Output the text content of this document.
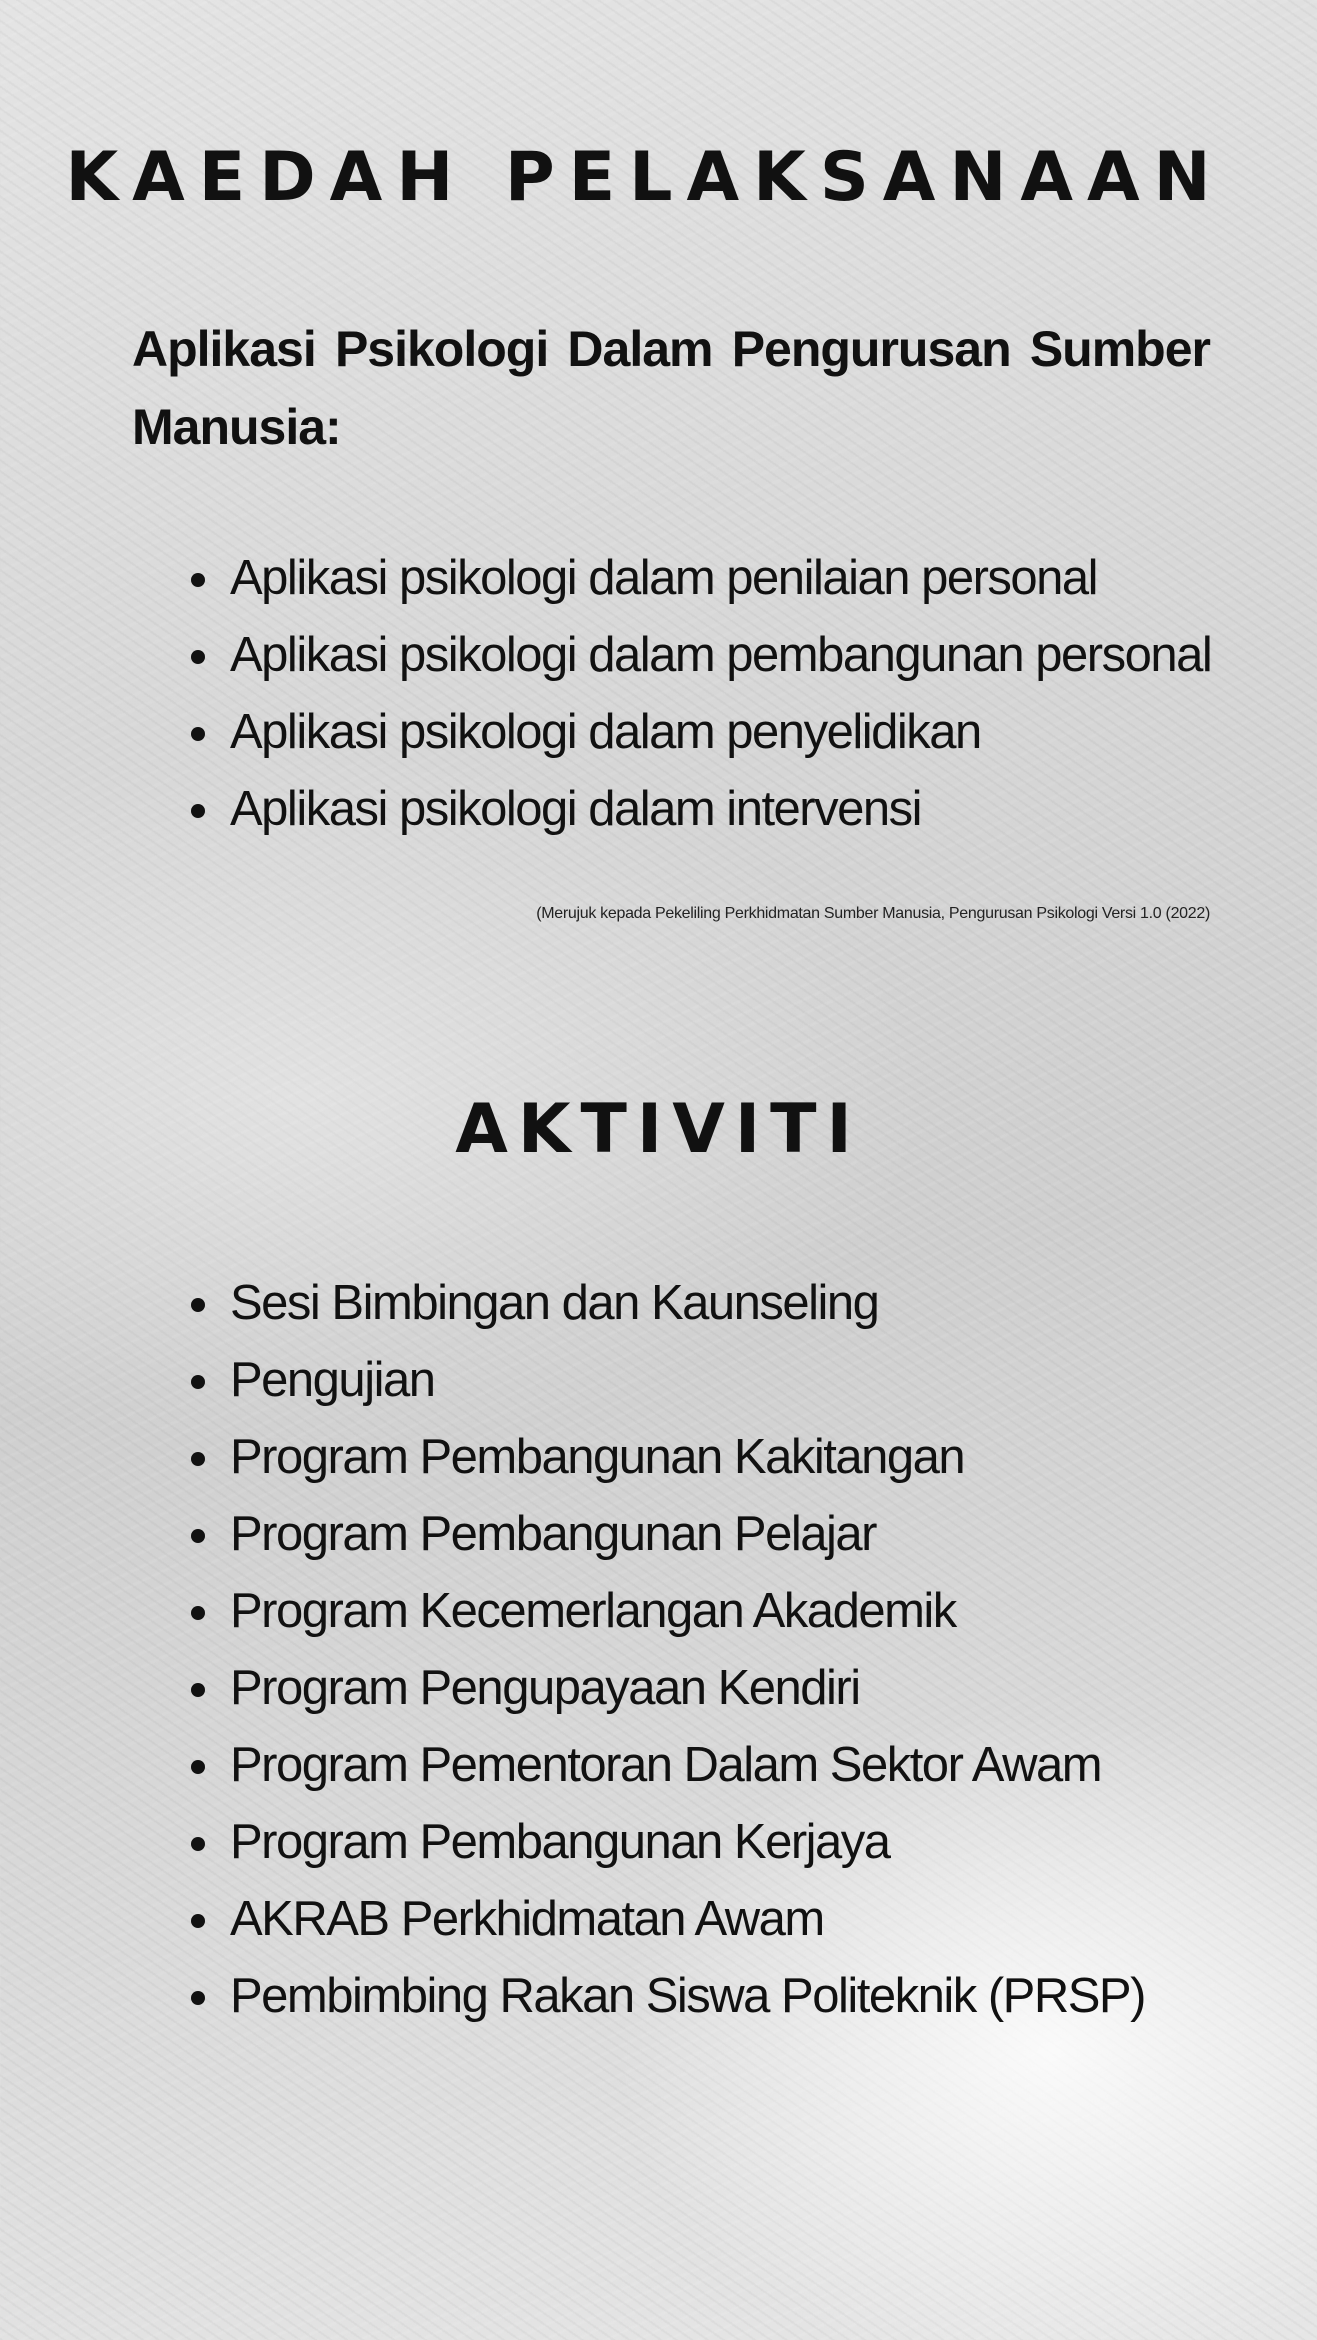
KAEDAH PELAKSANAAN

Aplikasi Psikologi Dalam Pengurusan Sumber Manusia:

• Aplikasi psikologi dalam penilaian personal
• Aplikasi psikologi dalam pembangunan personal
• Aplikasi psikologi dalam penyelidikan
• Aplikasi psikologi dalam intervensi

(Merujuk kepada Pekeliling Perkhidmatan Sumber Manusia, Pengurusan Psikologi Versi 1.0 (2022)

AKTIVITI
• Sesi Bimbingan dan Kaunseling
• Pengujian
• Program Pembangunan Kakitangan
• Program Pembangunan Pelajar
• Program Kecemerlangan Akademik
• Program Pengupayaan Kendiri
• Program Pementoran Dalam Sektor Awam
• Program Pembangunan Kerjaya
• AKRAB Perkhidmatan Awam
• Pembimbing Rakan Siswa Politeknik (PRSP)
